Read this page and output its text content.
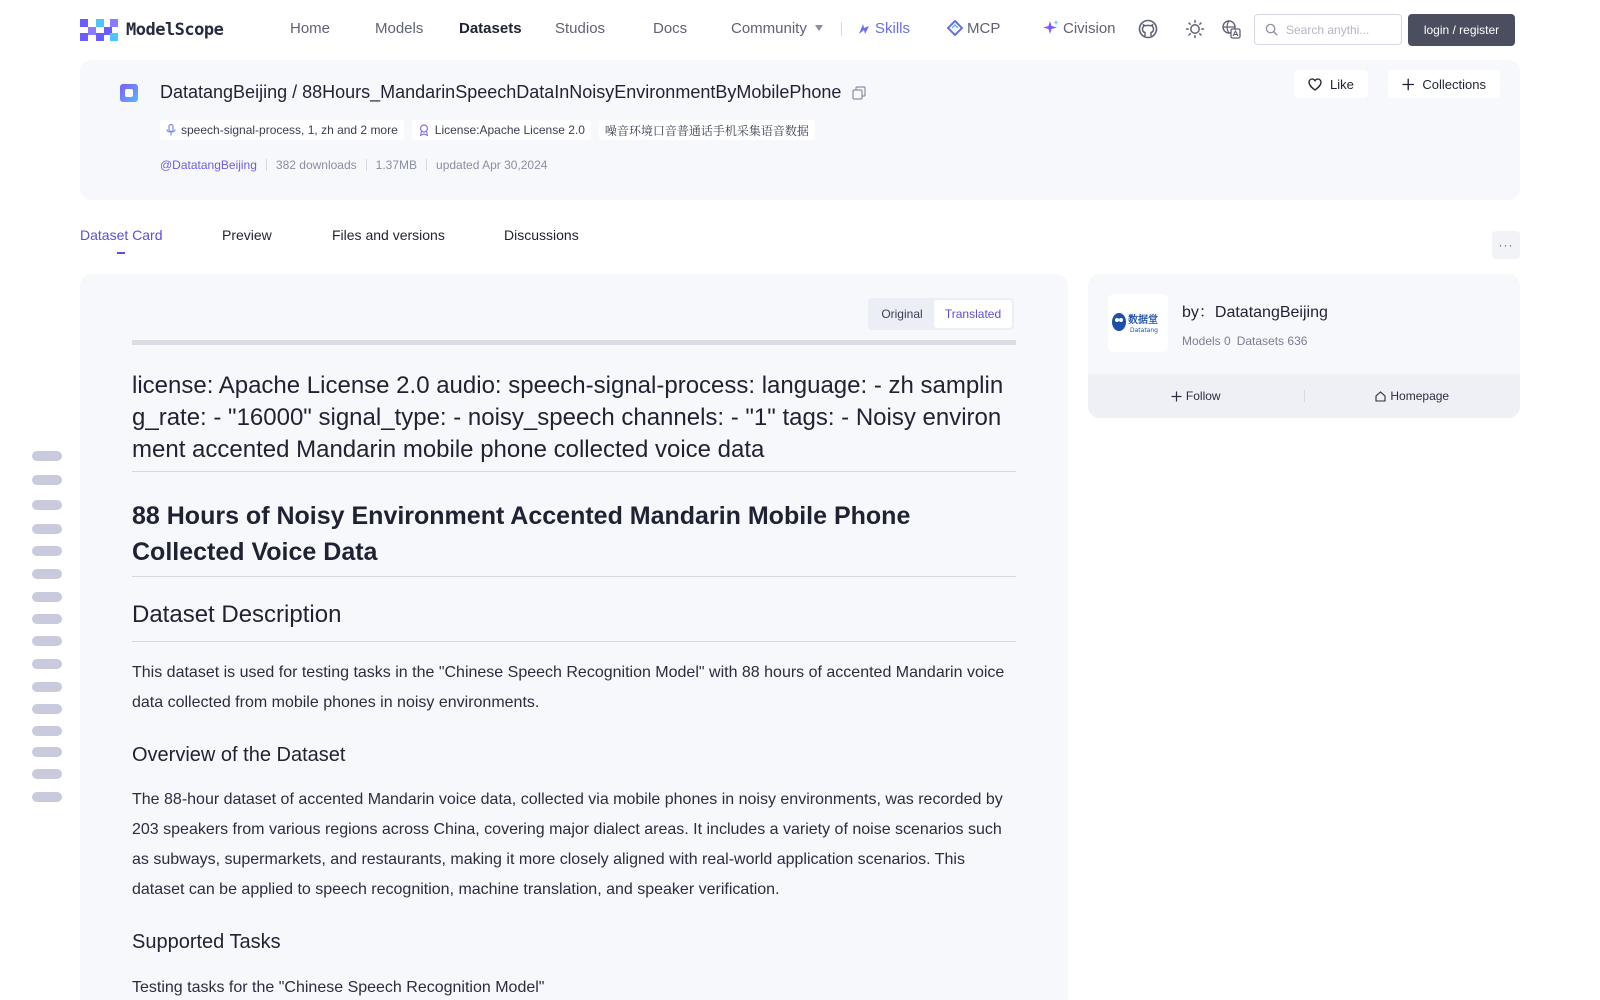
ModelScope	Home	Models Datasets Studios	Docs	Community	Skills	MCP	Civision
Search anythi...	login / register
DatatangBeijing / 88Hours_MandarinSpeechDataInNoisyEnvironmentByMobilePhone
speech-signal-process, 1, zh and 2 more	License:Apache License 2.0 噪音环境口音普通话手机采集语音数据
@DatatangBeijing 382 downloads 1.37MB updated Apr 30,2024
Like	Collections
Dataset Card	Preview	Files and versions	Discussions
···
Original	Translated
license: Apache License 2.0 audio: speech-signal-process: language: - zh sampling_rate: - "16000" signal_type: - noisy_speech channels: - "1" tags: - Noisy environment accented Mandarin mobile phone collected voice data
88 Hours of Noisy Environment Accented Mandarin Mobile Phone Collected Voice Data
Dataset Description
This dataset is used for testing tasks in the "Chinese Speech Recognition Model" with 88 hours of accented Mandarin voice data collected from mobile phones in noisy environments.
Overview of the Dataset
The 88-hour dataset of accented Mandarin voice data, collected via mobile phones in noisy environments, was recorded by 203 speakers from various regions across China, covering major dialect areas. It includes a variety of noise scenarios such as subways, supermarkets, and restaurants, making it more closely aligned with real-world application scenarios. This dataset can be applied to speech recognition, machine translation, and speaker verification.
Supported Tasks
Testing tasks for the "Chinese Speech Recognition Model"
数据堂
Datatang
by：DatatangBeijing
Models 0 Datasets 636
Follow	Homepage
